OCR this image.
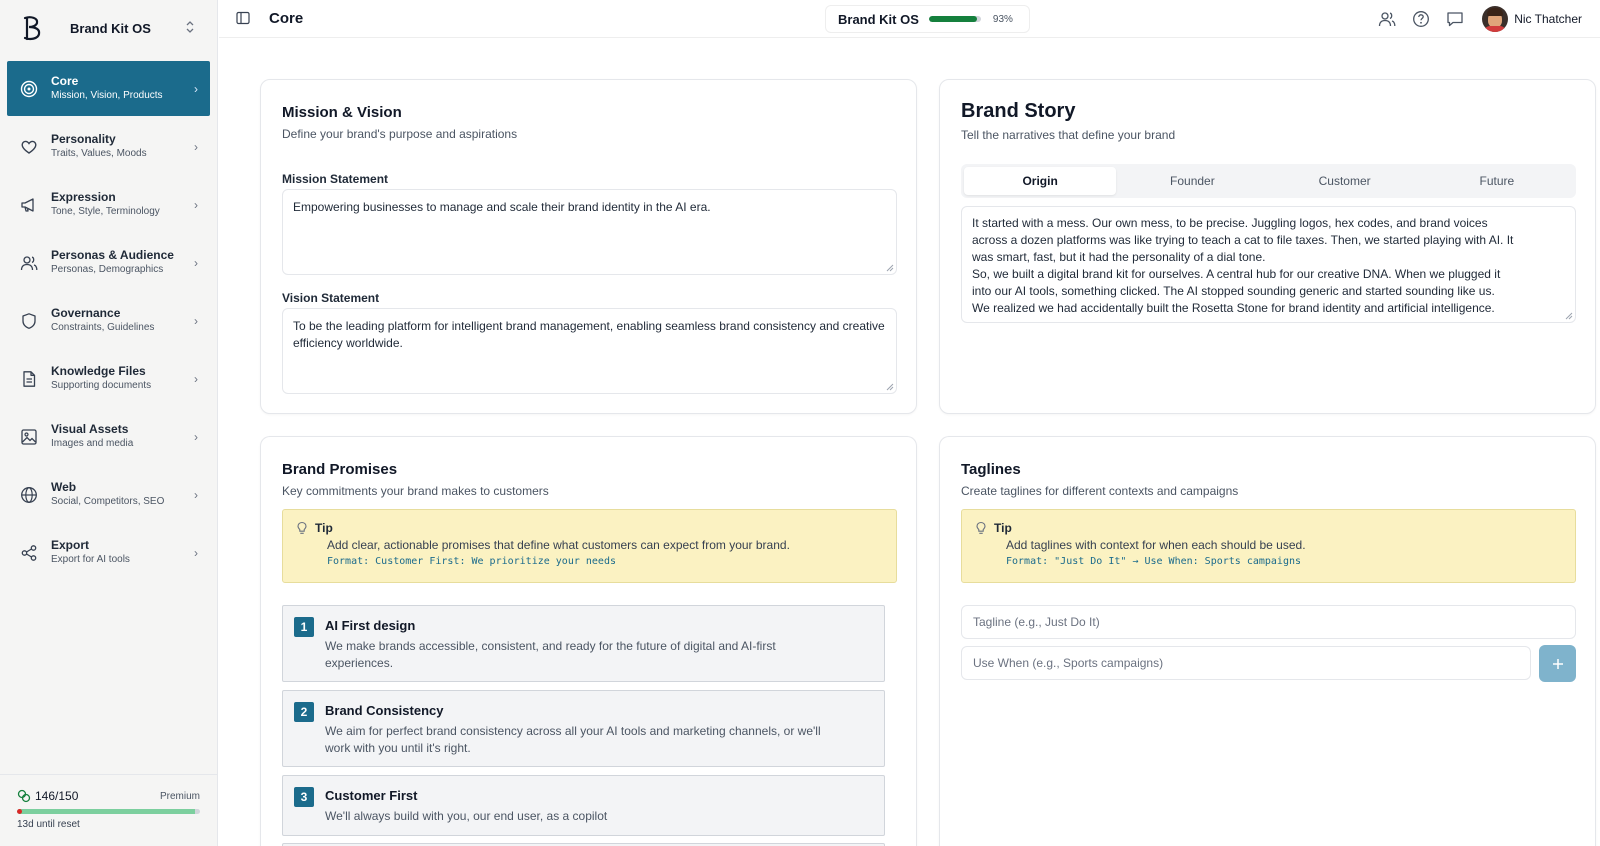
Brand Kit OS
Core
Mission, Vision, Products	›
Personality
Traits, Values, Moods	›
Expression
Tone, Style, Terminology	›
Personas & Audience
Personas, Demographics	›
Governance
Constraints, Guidelines	›
Knowledge Files
Supporting documents	›
Visual Assets
Images and media	›
Web
Social, Competitors, SEO	›
Export
Export for AI tools	›
146/150	Premium
13d until reset
Core	Brand Kit OS	93%	Nic Thatcher
Mission & Vision
Define your brand's purpose and aspirations
Mission Statement
Empowering businesses to manage and scale their brand identity in the AI era.
Vision Statement
To be the leading platform for intelligent brand management, enabling seamless brand consistency and creative efficiency worldwide.
Brand Story
Tell the narratives that define your brand
Origin	Founder	Customer	Future
It started with a mess. Our own mess, to be precise. Juggling logos, hex codes, and brand voices
across a dozen platforms was like trying to teach a cat to file taxes. Then, we started playing with AI. It
was smart, fast, but it had the personality of a dial tone.
So, we built a digital brand kit for ourselves. A central hub for our creative DNA. When we plugged it
into our AI tools, something clicked. The AI stopped sounding generic and started sounding like us.
We realized we had accidentally built the Rosetta Stone for brand identity and artificial intelligence.
Brand Promises
Key commitments your brand makes to customers
Tip
Add clear, actionable promises that define what customers can expect from your brand.
Format: Customer First: We prioritize your needs
1	AI First design
We make brands accessible, consistent, and ready for the future of digital and AI-first experiences.
2	Brand Consistency
We aim for perfect brand consistency across all your AI tools and marketing channels, or we'll work with you until it's right.
3	Customer First
We'll always build with you, our end user, as a copilot
Taglines
Create taglines for different contexts and campaigns
Tip
Add taglines with context for when each should be used.
Format: "Just Do It" → Use When: Sports campaigns
Tagline (e.g., Just Do It)
Use When (e.g., Sports campaigns)
